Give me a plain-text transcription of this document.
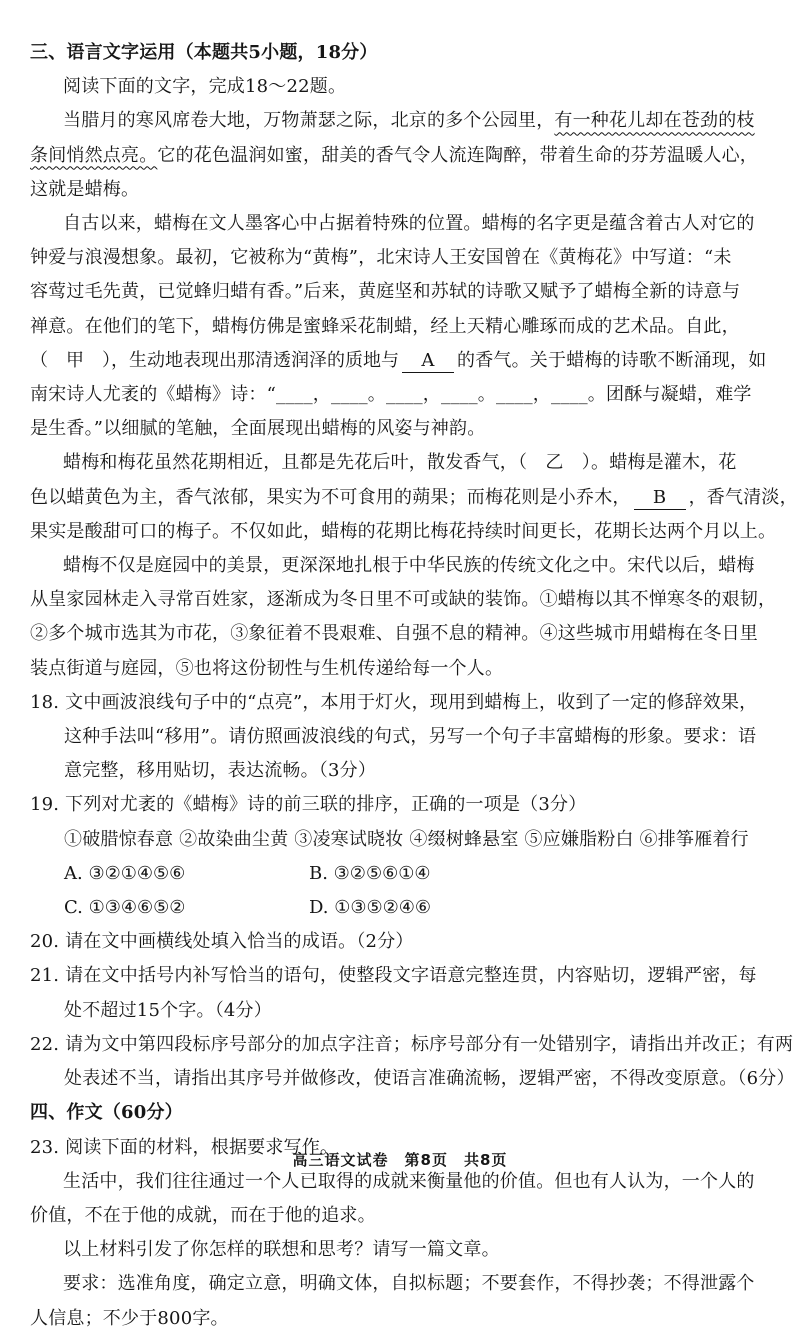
三、语言文字运用（本题共5小题，18分）
阅读下面的文字，完成18～22题。
当腊月的寒风席卷大地，万物萧瑟之际，北京的多个公园里，有一种花儿却在苍劲的枝
条间悄然点亮。它的花色温润如蜜，甜美的香气令人流连陶醉，带着生命的芬芳温暖人心，
这就是蜡梅。
自古以来，蜡梅在文人墨客心中占据着特殊的位置。蜡梅的名字更是蕴含着古人对它的
钟爱与浪漫想象。最初，它被称为“黄梅”，北宋诗人王安国曾在《黄梅花》中写道：“未
容莺过毛先黄，已觉蜂归蜡有香。”后来，黄庭坚和苏轼的诗歌又赋予了蜡梅全新的诗意与
禅意。在他们的笔下，蜡梅仿佛是蜜蜂采花制蜡，经上天精心雕琢而成的艺术品。自此，
（　甲　），生动地表现出那清透润泽的质地与 A 的香气。关于蜡梅的诗歌不断涌现，如
南宋诗人尤袤的《蜡梅》诗：“____，____。____，____。____，____。团酥与凝蜡，难学
是生香。”以细腻的笔触，全面展现出蜡梅的风姿与神韵。
蜡梅和梅花虽然花期相近，且都是先花后叶，散发香气，（　乙　）。蜡梅是灌木，花
色以蜡黄色为主，香气浓郁，果实为不可食用的蒴果；而梅花则是小乔木， B ，香气清淡，
果实是酸甜可口的梅子。不仅如此，蜡梅的花期比梅花持续时间更长，花期长达两个月以上。
蜡梅不仅是庭园中的美景，更深深地扎根于中华民族的传统文化之中。宋代以后，蜡梅
从皇家园林走入寻常百姓家，逐渐成为冬日里不可或缺的装饰。①蜡梅以其不惮寒冬的艰韧，
②多个城市选其为市花，③象征着不畏艰难、自强不息的精神。④这些城市用蜡梅在冬日里
装点街道与庭园，⑤也将这份韧性与生机传递给每一个人。
18. 文中画波浪线句子中的“点亮”，本用于灯火，现用到蜡梅上，收到了一定的修辞效果，
这种手法叫“移用”。请仿照画波浪线的句式，另写一个句子丰富蜡梅的形象。要求：语
意完整，移用贴切，表达流畅。（3分）
19. 下列对尤袤的《蜡梅》诗的前三联的排序，正确的一项是（3分）
①破腊惊春意 ②故染曲尘黄 ③凌寒试晓妆 ④缀树蜂悬室 ⑤应嫌脂粉白 ⑥排筝雁着行
A. ③②①④⑤⑥	B. ③②⑤⑥①④
C. ①③④⑥⑤②	D. ①③⑤②④⑥
20. 请在文中画横线处填入恰当的成语。（2分）
21. 请在文中括号内补写恰当的语句，使整段文字语意完整连贯，内容贴切，逻辑严密，每
处不超过15个字。（4分）
22. 请为文中第四段标序号部分的加点字注音；标序号部分有一处错别字，请指出并改正；有两
处表述不当，请指出其序号并做修改，使语言准确流畅，逻辑严密，不得改变原意。（6分）
四、作文（60分）
23. 阅读下面的材料，根据要求写作。
生活中，我们往往通过一个人已取得的成就来衡量他的价值。但也有人认为，一个人的
价值，不在于他的成就，而在于他的追求。
以上材料引发了你怎样的联想和思考？请写一篇文章。
要求：选准角度，确定立意，明确文体，自拟标题；不要套作，不得抄袭；不得泄露个
人信息；不少于800字。
高三语文试卷　第8页　共8页
